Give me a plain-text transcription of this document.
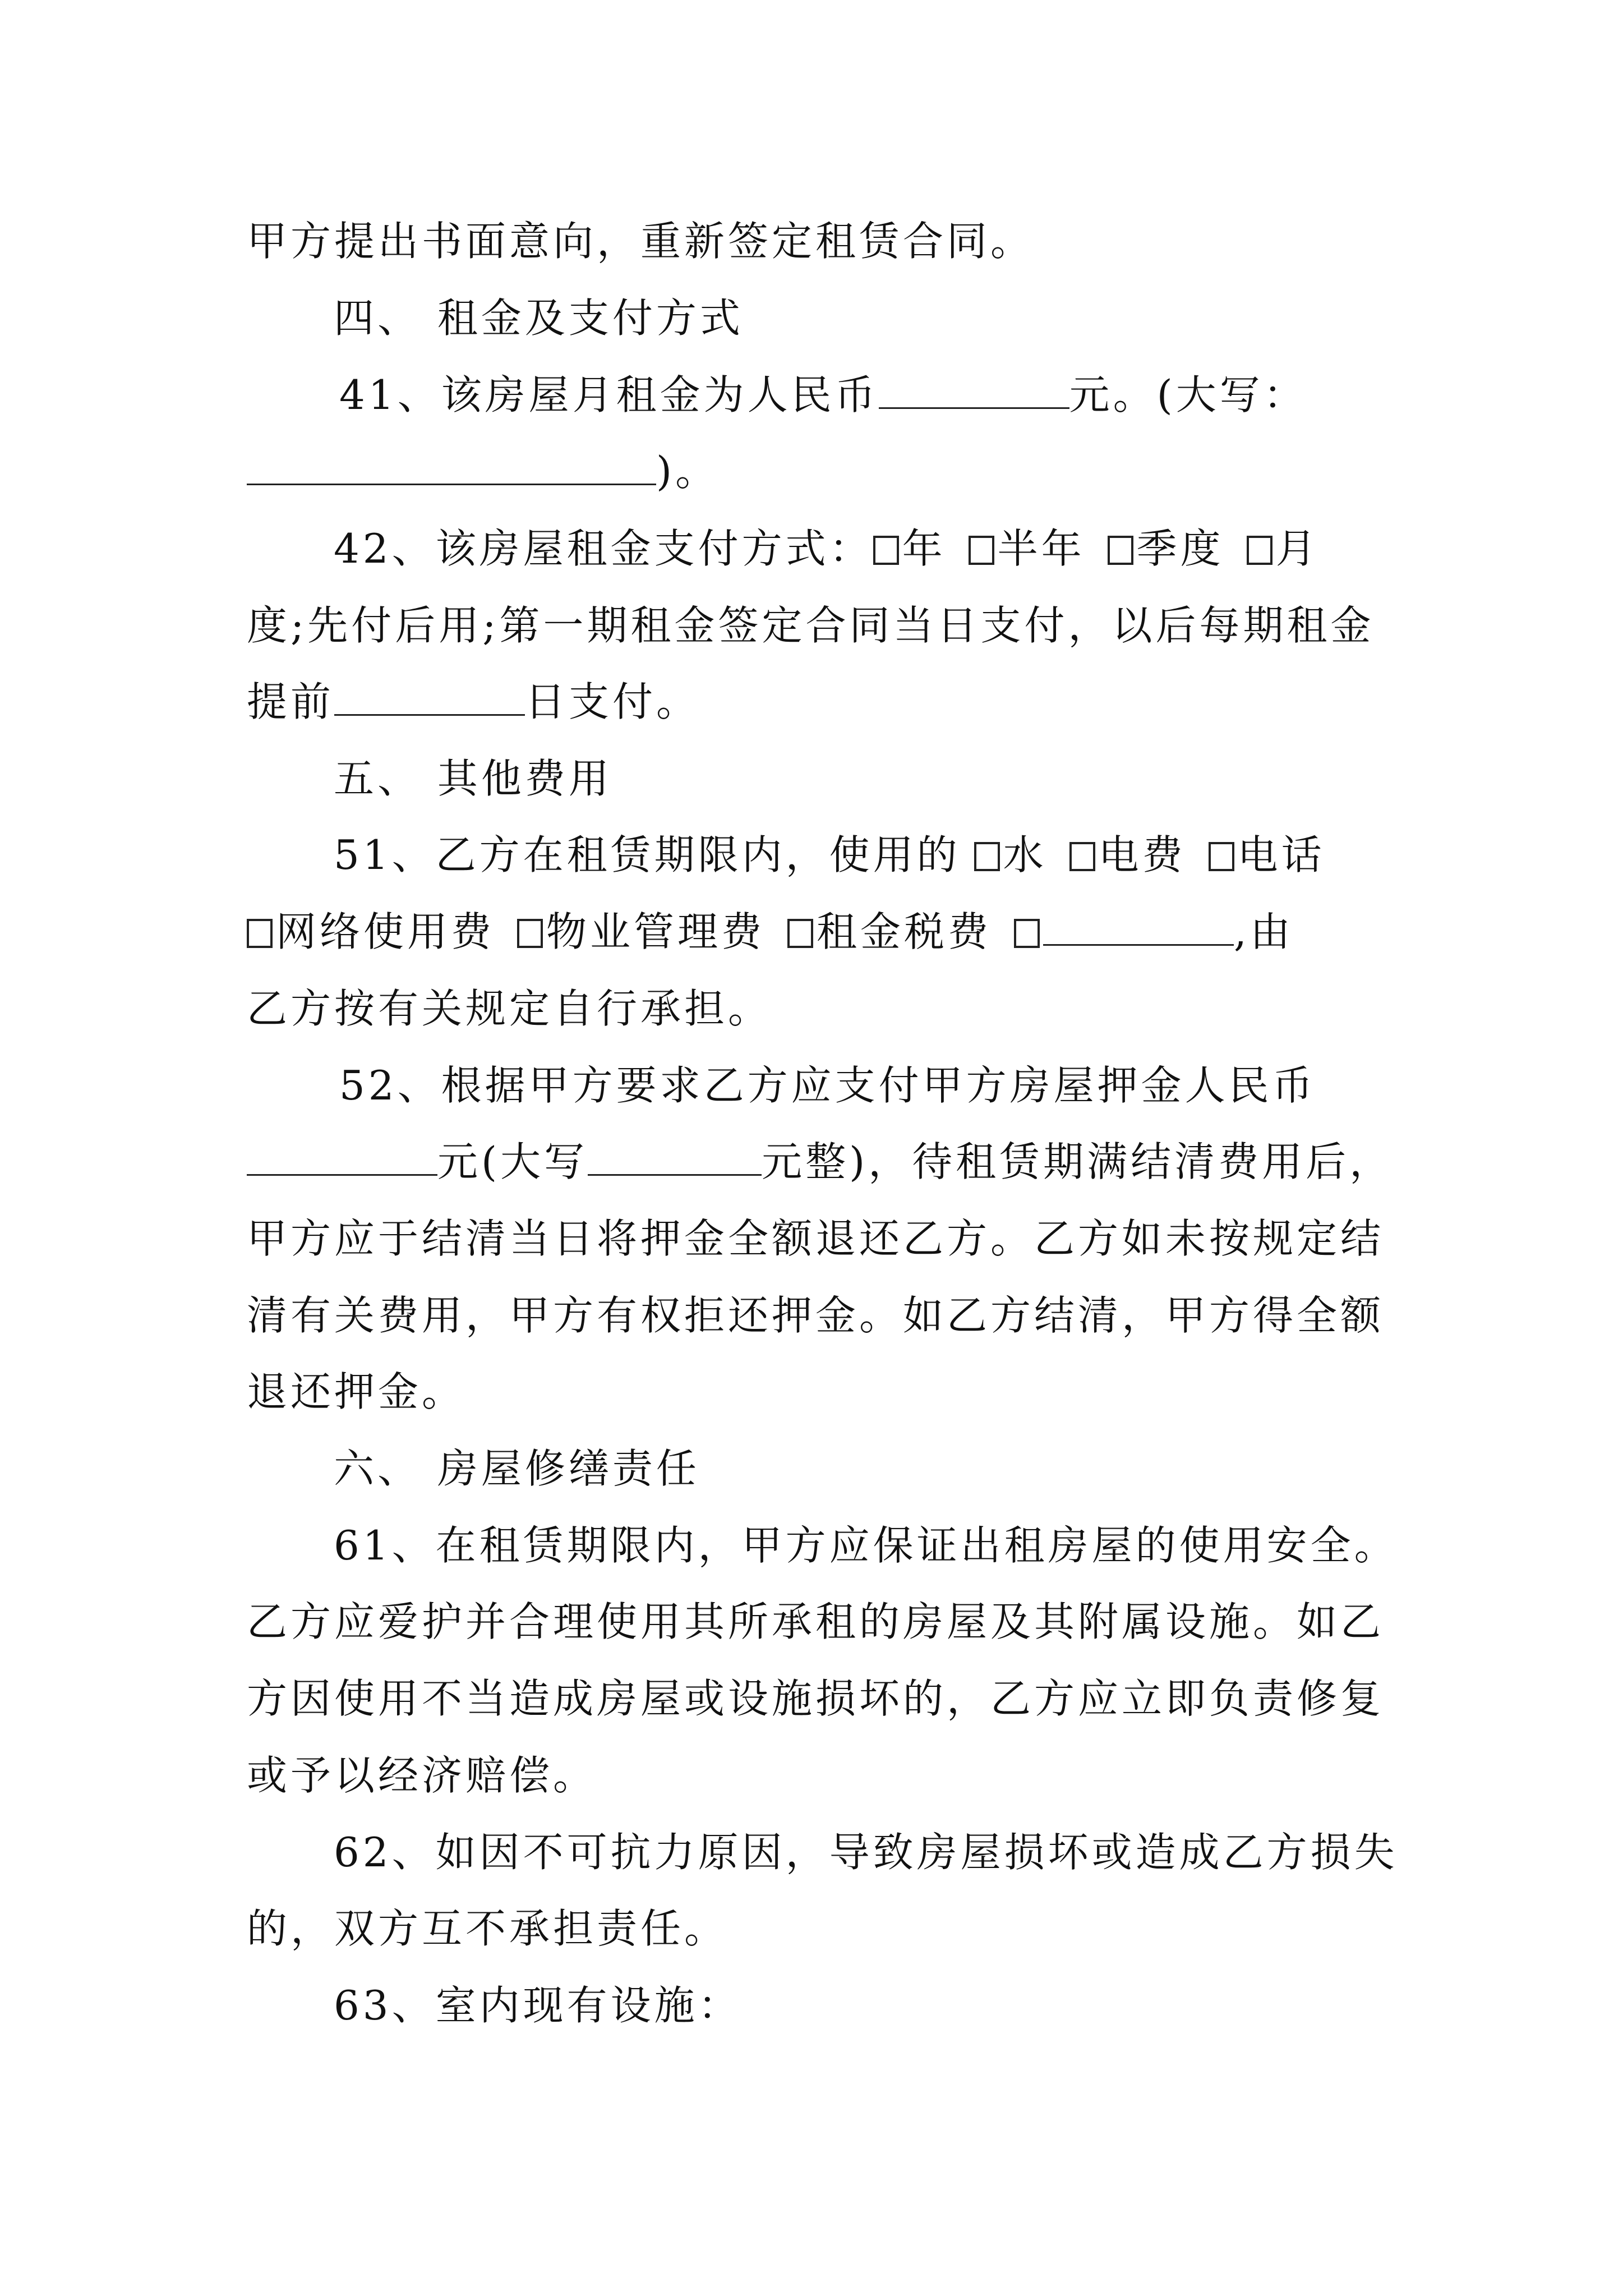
甲方提出书面意向，重新签定租赁合同。
四、 租金及支付方式
41、该房屋月租金为人民币	元。(大写：
)。
42、该房屋租金支付方式： 年 半年 季度 月
度;先付后用;第一期租金签定合同当日支付，以后每期租金
提前	日支付。
五、 其他费用
51、乙方在租赁期限内，使用的 水 电费 电话
网络使用费 物业管理费 租金税费	,由
乙方按有关规定自行承担。
52、根据甲方要求乙方应支付甲方房屋押金人民币
元(大写	元整)，待租赁期满结清费用后，
甲方应于结清当日将押金全额退还乙方。乙方如未按规定结
清有关费用，甲方有权拒还押金。如乙方结清，甲方得全额
退还押金。
六、 房屋修缮责任
61、在租赁期限内，甲方应保证出租房屋的使用安全。
乙方应爱护并合理使用其所承租的房屋及其附属设施。如乙
方因使用不当造成房屋或设施损坏的，乙方应立即负责修复
或予以经济赔偿。
62、如因不可抗力原因，导致房屋损坏或造成乙方损失
的，双方互不承担责任。
63、室内现有设施：
